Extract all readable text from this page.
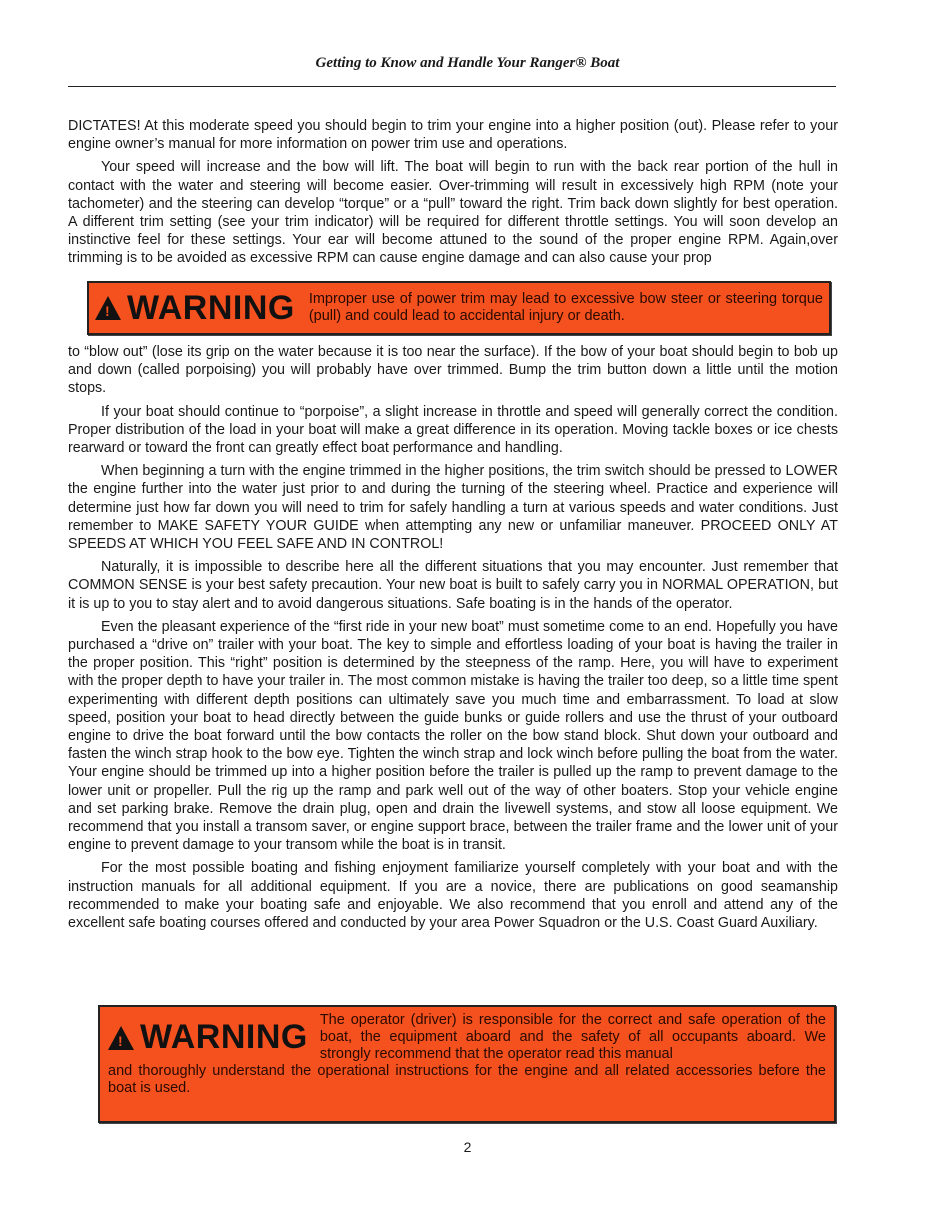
Getting to Know and Handle Your Ranger® Boat

DICTATES! At this moderate speed you should begin to trim your engine into a higher position (out). Please refer to your engine owner’s manual for more information on power trim use and operations.

Your speed will increase and the bow will lift. The boat will begin to run with the back rear portion of the hull in contact with the water and steering will become easier. Over-trimming will result in excessively high RPM (note your tachometer) and the steering can develop “torque” or a “pull” toward the right. Trim back down slightly for best operation. A different trim setting (see your trim indicator) will be required for different throttle settings. You will soon develop an instinctive feel for these settings. Your ear will become attuned to the sound of the proper engine RPM. Again,over trimming is to be avoided as excessive RPM can cause engine damage and can also cause your prop

! WARNING Improper use of power trim may lead to excessive bow steer or steering torque (pull) and could lead to accidental injury or death.

to “blow out” (lose its grip on the water because it is too near the surface). If the bow of your boat should begin to bob up and down (called porpoising) you will probably have over trimmed. Bump the trim button down a little until the motion stops.

If your boat should continue to “porpoise”, a slight increase in throttle and speed will generally correct the condition. Proper distribution of the load in your boat will make a great difference in its operation. Moving tackle boxes or ice chests rearward or toward the front can greatly effect boat performance and handling.

When beginning a turn with the engine trimmed in the higher positions, the trim switch should be pressed to LOWER the engine further into the water just prior to and during the turning of the steering wheel. Practice and experience will determine just how far down you will need to trim for safely handling a turn at various speeds and water conditions. Just remember to MAKE SAFETY YOUR GUIDE when attempting any new or unfamiliar maneuver. PROCEED ONLY AT SPEEDS AT WHICH YOU FEEL SAFE AND IN CONTROL!

Naturally, it is impossible to describe here all the different situations that you may encounter. Just remember that COMMON SENSE is your best safety precaution. Your new boat is built to safely carry you in NORMAL OPERATION, but it is up to you to stay alert and to avoid dangerous situations. Safe boating is in the hands of the operator.

Even the pleasant experience of the “first ride in your new boat” must sometime come to an end. Hopefully you have purchased a “drive on” trailer with your boat. The key to simple and effortless loading of your boat is having the trailer in the proper position. This “right” position is determined by the steepness of the ramp. Here, you will have to experiment with the proper depth to have your trailer in. The most common mistake is having the trailer too deep, so a little time spent experimenting with different depth positions can ultimately save you much time and embarrassment. To load at slow speed, position your boat to head directly between the guide bunks or guide rollers and use the thrust of your outboard engine to drive the boat forward until the bow contacts the roller on the bow stand block. Shut down your outboard and fasten the winch strap hook to the bow eye. Tighten the winch strap and lock winch before pulling the boat from the water. Your engine should be trimmed up into a higher position before the trailer is pulled up the ramp to prevent damage to the lower unit or propeller. Pull the rig up the ramp and park well out of the way of other boaters. Stop your vehicle engine and set parking brake. Remove the drain plug, open and drain the livewell systems, and stow all loose equipment. We recommend that you install a transom saver, or engine support brace, between the trailer frame and the lower unit of your engine to prevent damage to your transom while the boat is in transit.

For the most possible boating and fishing enjoyment familiarize yourself completely with your boat and with the instruction manuals for all additional equipment. If you are a novice, there are publications on good seamanship recommended to make your boating safe and enjoyable. We also recommend that you enroll and attend any of the excellent safe boating courses offered and conducted by your area Power Squadron or the U.S. Coast Guard Auxiliary.

! WARNING The operator (driver) is responsible for the correct and safe operation of the boat, the equipment aboard and the safety of all occupants aboard. We strongly recommend that the operator read this manual
and thoroughly understand the operational instructions for the engine and all related accessories before the boat is used.
2
